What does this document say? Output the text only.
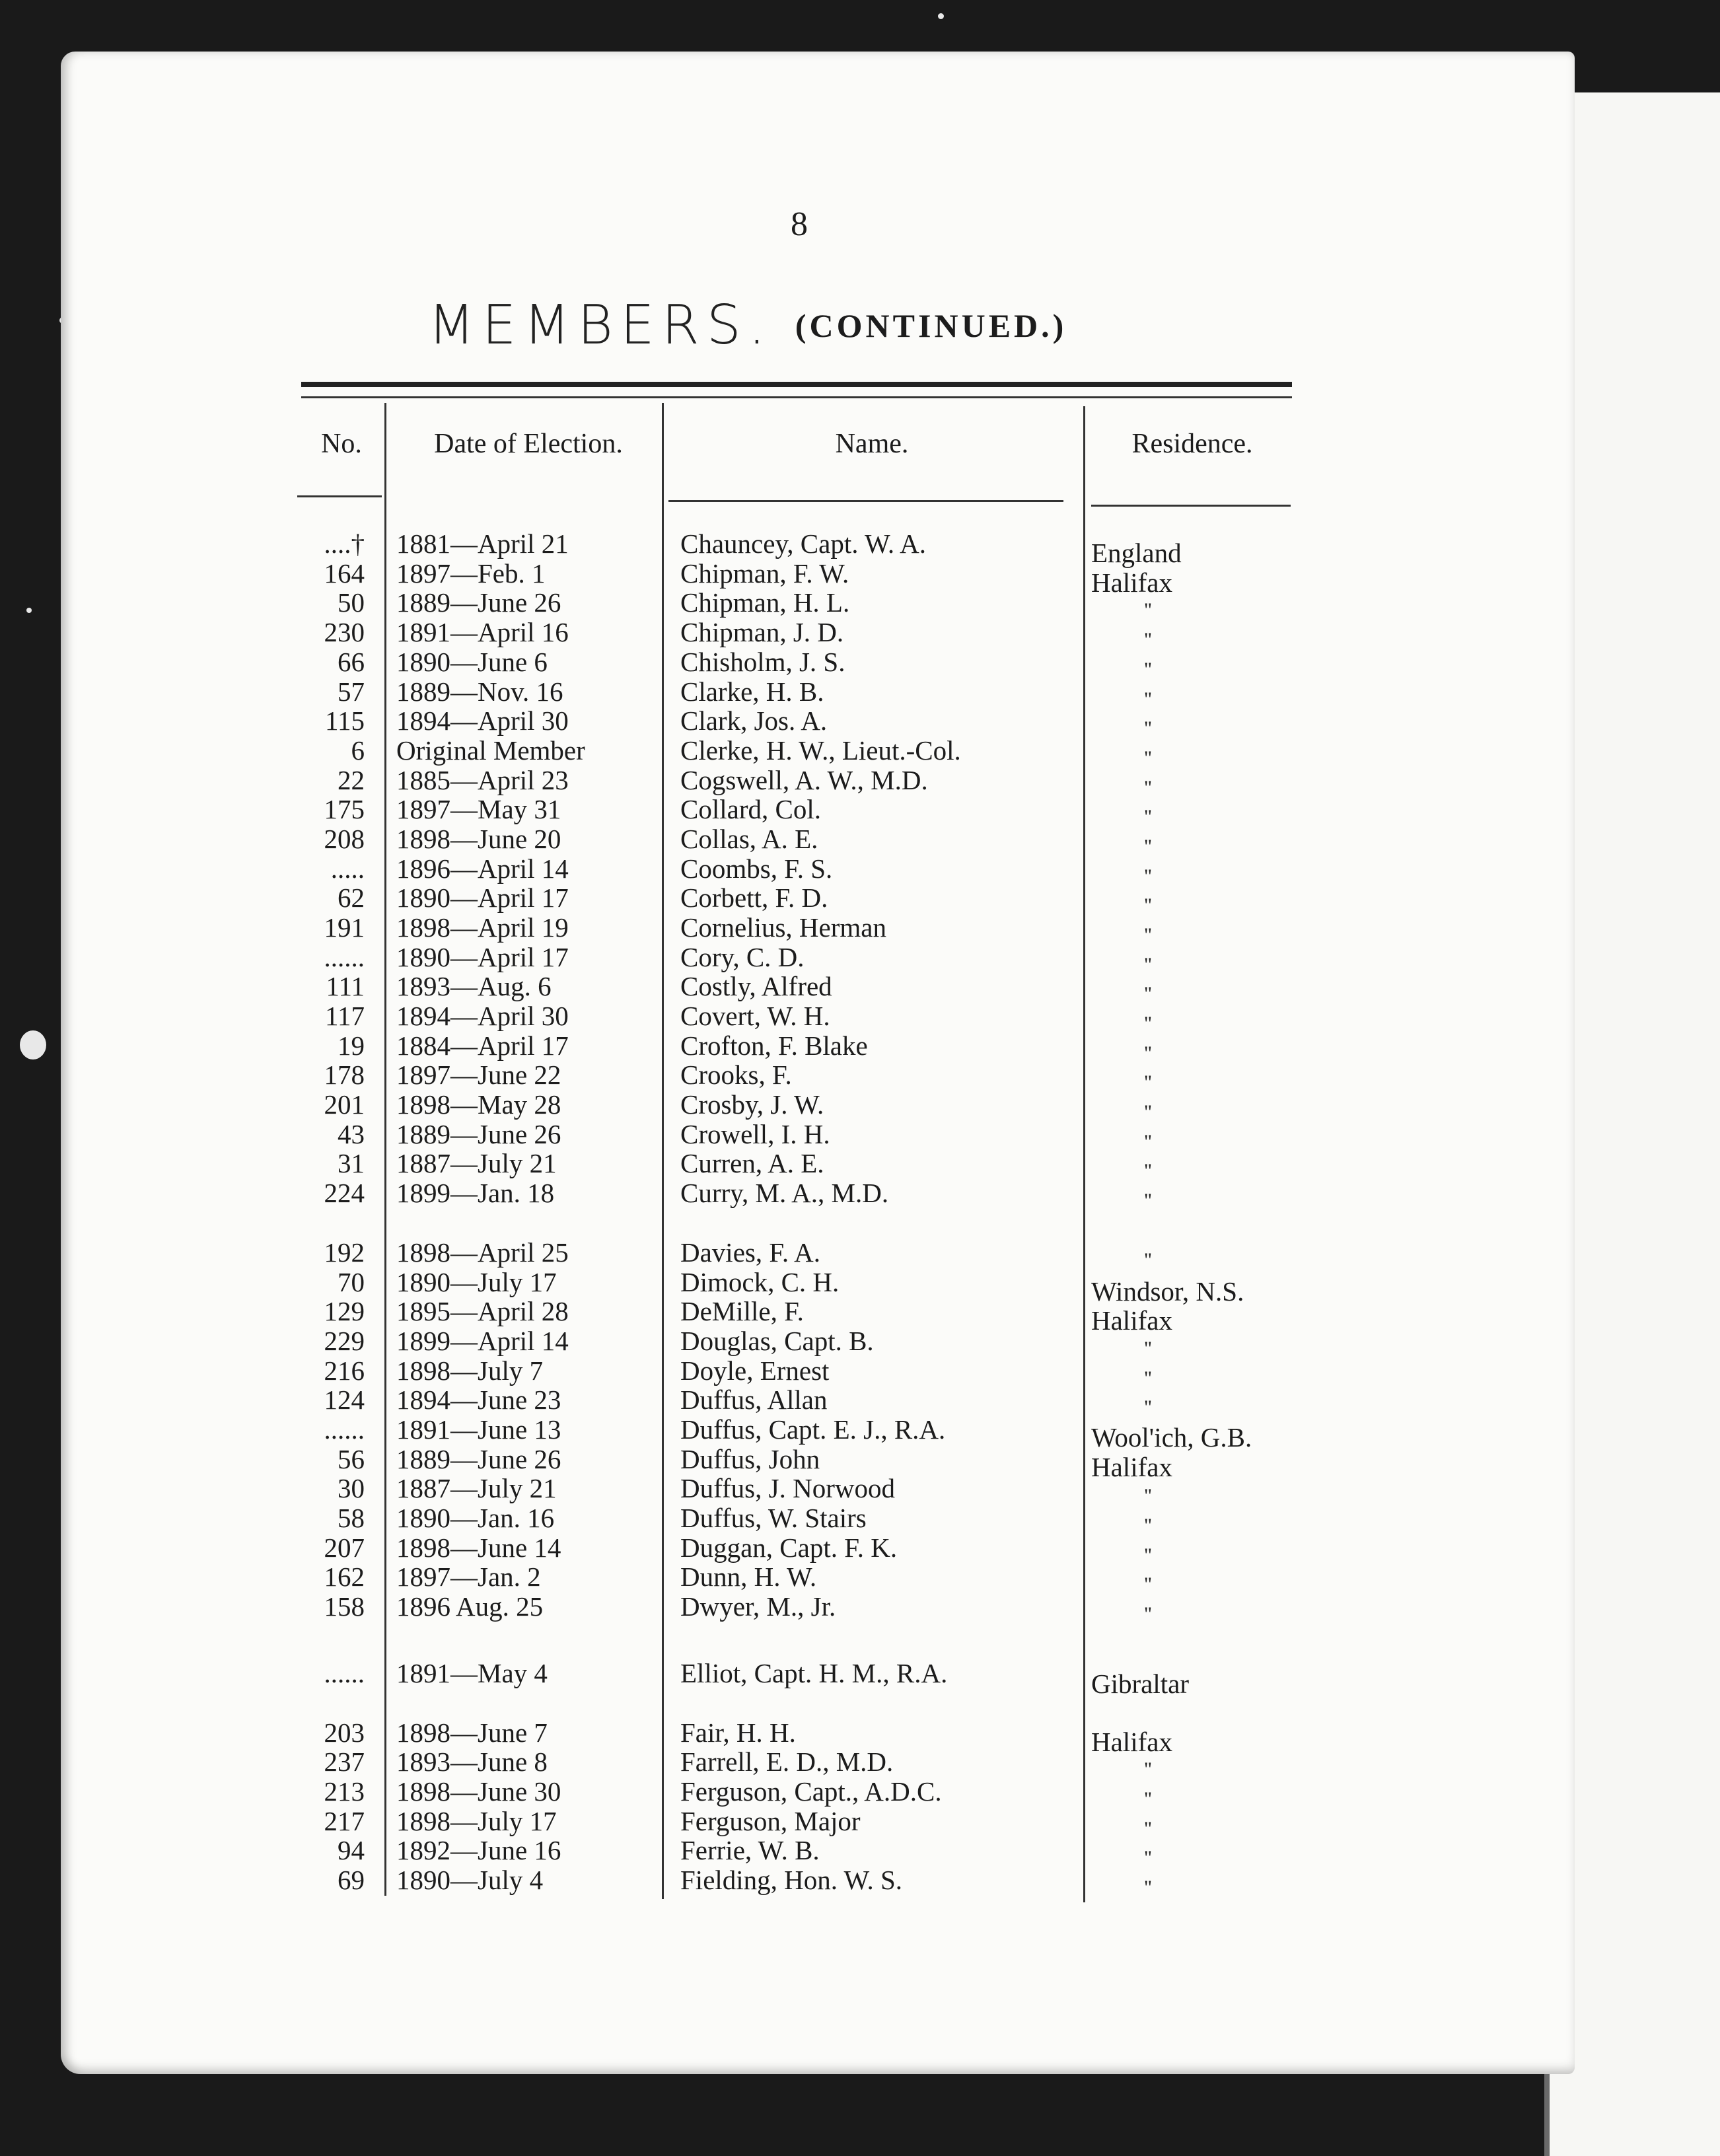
8
MEMBERS. (CONTINUED.)
No.	Date of Election.	Name.	Residence.
....† 1881—April 21	Chauncey, Capt. W. A.	England
164 1897—Feb. 1	Chipman, F. W.	Halifax
50 1889—June 26	Chipman, H. L.	"
230 1891—April 16	Chipman, J. D.	"
66 1890—June 6	Chisholm, J. S.	"
57 1889—Nov. 16	Clarke, H. B.	"
115 1894—April 30	Clark, Jos. A.	"
6 Original Member	Clerke, H. W., Lieut.-Col.	"
22 1885—April 23	Cogswell, A. W., M.D.	"
175 1897—May 31	Collard, Col.	"
208 1898—June 20	Collas, A. E.	"
..... 1896—April 14	Coombs, F. S.	"
62 1890—April 17	Corbett, F. D.	"
191 1898—April 19	Cornelius, Herman	"
...... 1890—April 17	Cory, C. D.	"
111 1893—Aug. 6	Costly, Alfred	"
117 1894—April 30	Covert, W. H.	"
19 1884—April 17	Crofton, F. Blake	"
178 1897—June 22	Crooks, F.	"
201 1898—May 28	Crosby, J. W.	"
43 1889—June 26	Crowell, I. H.	"
31 1887—July 21	Curren, A. E.	"
224 1899—Jan. 18	Curry, M. A., M.D.	"
192 1898—April 25	Davies, F. A.	"
70 1890—July 17	Dimock, C. H.	Windsor, N.S.
129 1895—April 28	DeMille, F.	Halifax
229 1899—April 14	Douglas, Capt. B.	"
216 1898—July 7	Doyle, Ernest	"
124 1894—June 23	Duffus, Allan	"
...... 1891—June 13	Duffus, Capt. E. J., R.A.	Wool'ich, G.B.
56 1889—June 26	Duffus, John	Halifax
30 1887—July 21	Duffus, J. Norwood	"
58 1890—Jan. 16	Duffus, W. Stairs	"
207 1898—June 14	Duggan, Capt. F. K.	"
162 1897—Jan. 2	Dunn, H. W.	"
158 1896 Aug. 25	Dwyer, M., Jr.	"
...... 1891—May 4	Elliot, Capt. H. M., R.A.	Gibraltar
203 1898—June 7	Fair, H. H.	Halifax
237 1893—June 8	Farrell, E. D., M.D.	"
213 1898—June 30	Ferguson, Capt., A.D.C.	"
217 1898—July 17	Ferguson, Major	"
94 1892—June 16	Ferrie, W. B.	"
69 1890—July 4	Fielding, Hon. W. S.	"
